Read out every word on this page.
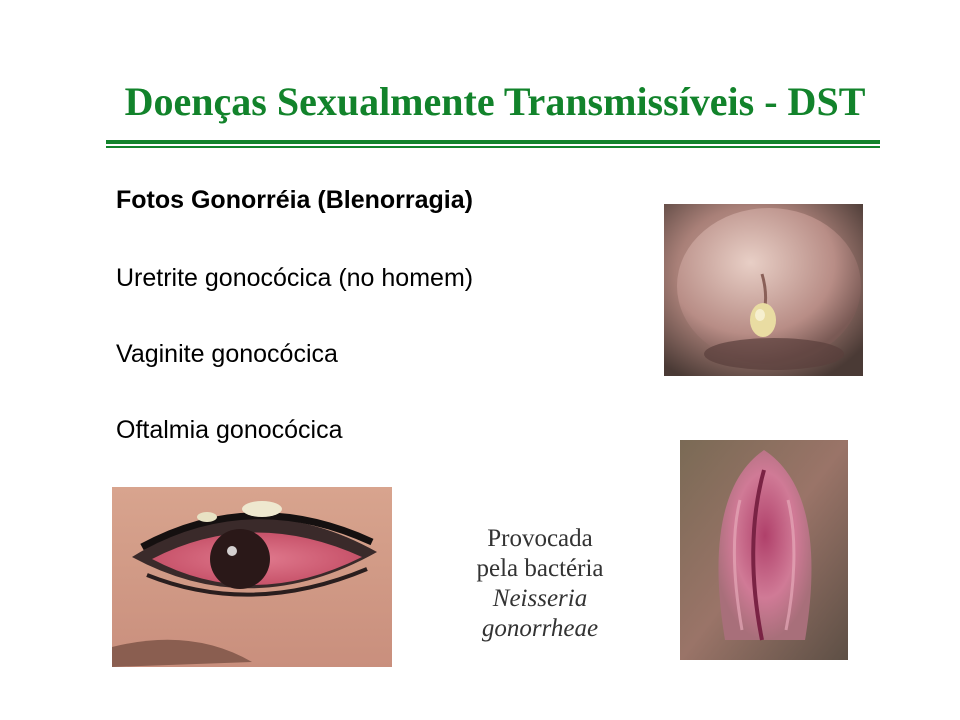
Doenças Sexualmente Transmissíveis - DST

Fotos Gonorréia (Blenorragia)

Uretrite gonocócica (no homem)

Vaginite gonocócica

Oftalmia gonocócica

Provocada
pela bactéria
Neisseria
gonorrheae
